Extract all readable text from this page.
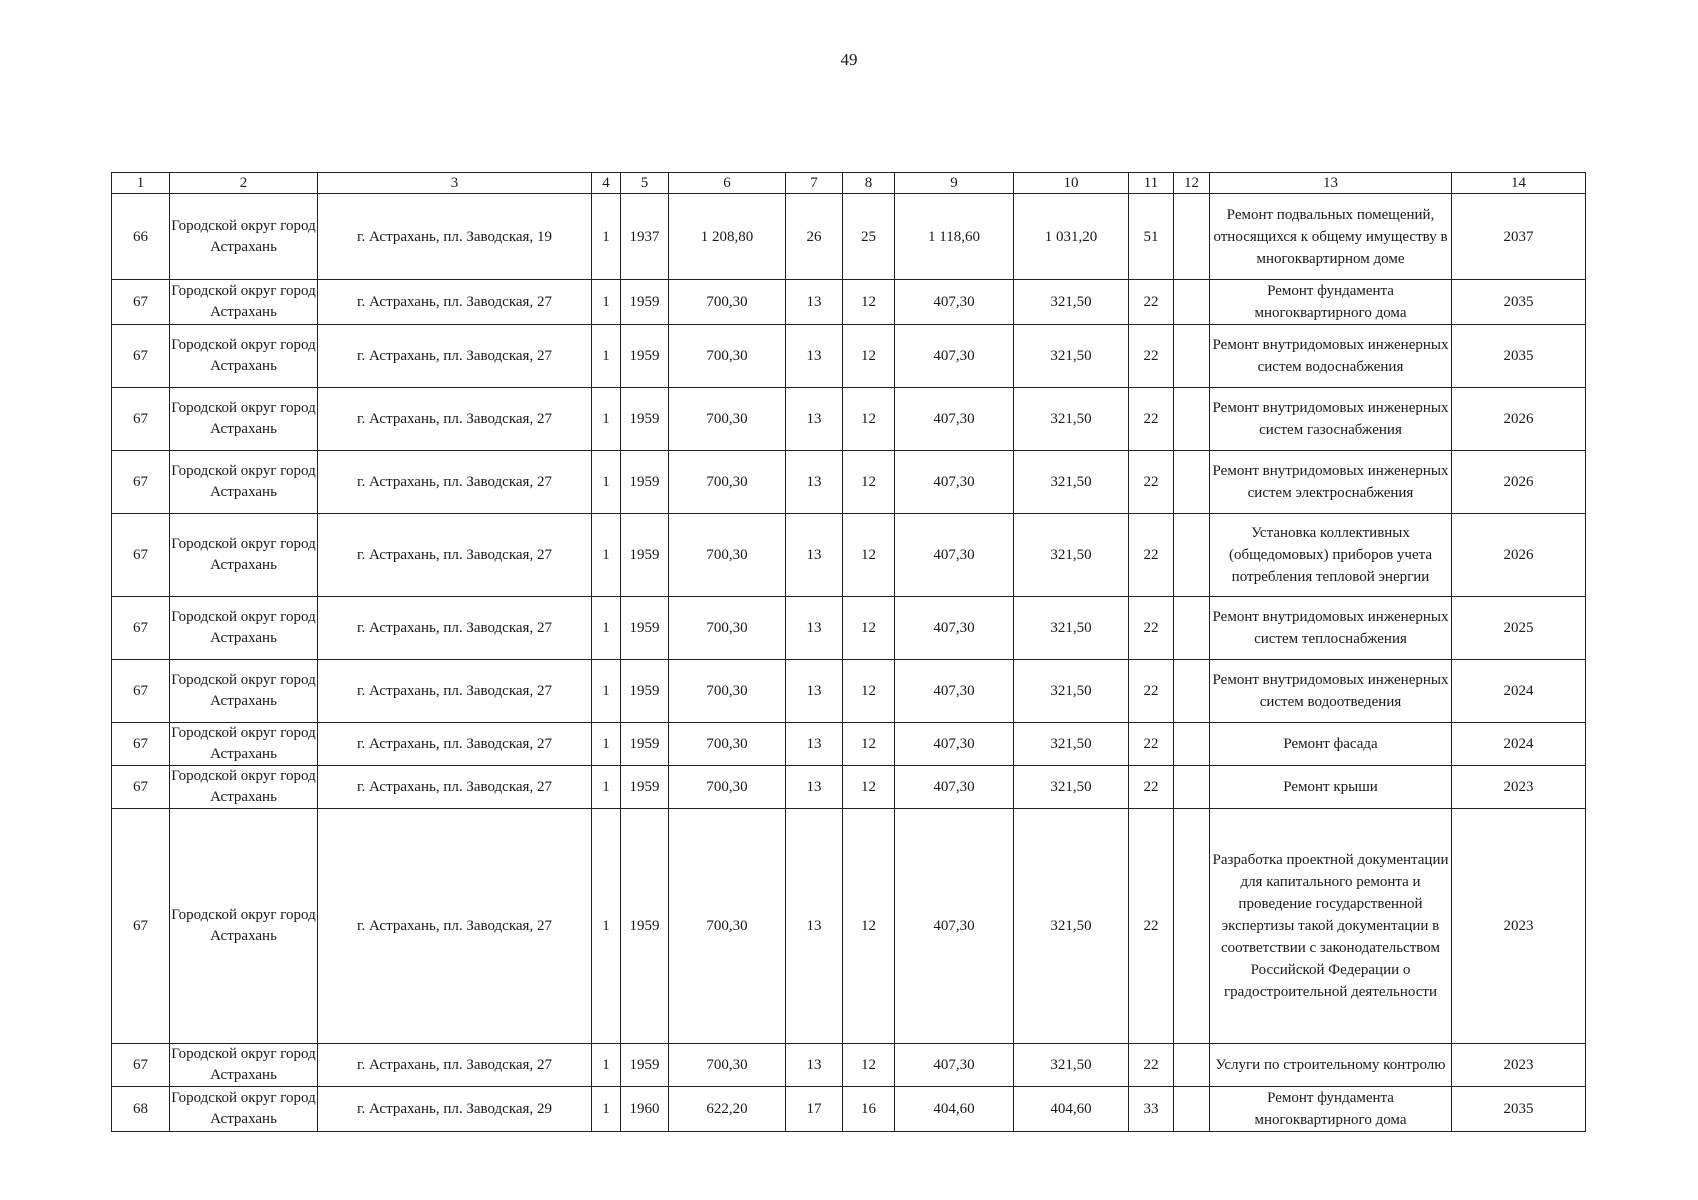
49
1	2	3	4	5	6	7	8	9	10	11	12	13	14
66	Городской округ город Астрахань	г. Астрахань, пл. Заводская, 19	1	1937	1 208,80	26	25	1 118,60	1 031,20	51		Ремонт подвальных помещений, относящихся к общему имуществу в многоквартирном доме	2037
67	Городской округ город Астрахань	г. Астрахань, пл. Заводская, 27	1	1959	700,30	13	12	407,30	321,50	22		Ремонт фундамента многоквартирного дома	2035
67	Городской округ город Астрахань	г. Астрахань, пл. Заводская, 27	1	1959	700,30	13	12	407,30	321,50	22		Ремонт внутридомовых инженерных систем водоснабжения	2035
67	Городской округ город Астрахань	г. Астрахань, пл. Заводская, 27	1	1959	700,30	13	12	407,30	321,50	22		Ремонт внутридомовых инженерных систем газоснабжения	2026
67	Городской округ город Астрахань	г. Астрахань, пл. Заводская, 27	1	1959	700,30	13	12	407,30	321,50	22		Ремонт внутридомовых инженерных систем электроснабжения	2026
67	Городской округ город Астрахань	г. Астрахань, пл. Заводская, 27	1	1959	700,30	13	12	407,30	321,50	22		Установка коллективных (общедомовых) приборов учета потребления тепловой энергии	2026
67	Городской округ город Астрахань	г. Астрахань, пл. Заводская, 27	1	1959	700,30	13	12	407,30	321,50	22		Ремонт внутридомовых инженерных систем теплоснабжения	2025
67	Городской округ город Астрахань	г. Астрахань, пл. Заводская, 27	1	1959	700,30	13	12	407,30	321,50	22		Ремонт внутридомовых инженерных систем водоотведения	2024
67	Городской округ город Астрахань	г. Астрахань, пл. Заводская, 27	1	1959	700,30	13	12	407,30	321,50	22		Ремонт фасада	2024
67	Городской округ город Астрахань	г. Астрахань, пл. Заводская, 27	1	1959	700,30	13	12	407,30	321,50	22		Ремонт крыши	2023
67	Городской округ город Астрахань	г. Астрахань, пл. Заводская, 27	1	1959	700,30	13	12	407,30	321,50	22		Разработка проектной документации для капитального ремонта и проведение государственной экспертизы такой документации в соответствии с законодательством Российской Федерации о градостроительной деятельности	2023
67	Городской округ город Астрахань	г. Астрахань, пл. Заводская, 27	1	1959	700,30	13	12	407,30	321,50	22		Услуги по строительному контролю	2023
68	Городской округ город Астрахань	г. Астрахань, пл. Заводская, 29	1	1960	622,20	17	16	404,60	404,60	33		Ремонт фундамента многоквартирного дома	2035
